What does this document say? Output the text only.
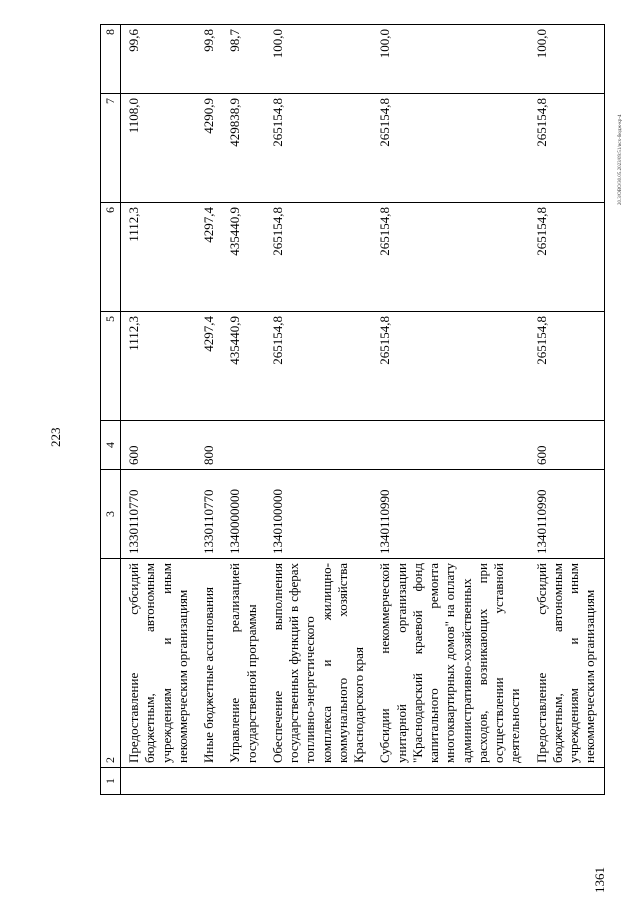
223
1	2	3	4	5	6	7	8
	Предоставление субсидий бюджетным, автономным учреждениям и иным некоммерческим организациям	1330110770	600	1112,3	1112,3	1108,0	99,6
	Иные бюджетные ассигнования	1330110770	800	4297,4	4297,4	4290,9	99,8
	Управление реализацией государственной программы	1340000000		435440,9	435440,9	429838,9	98,7
	Обеспечение выполнения государственных функций в сферах топливно-энергетического комплекса и жилищно-коммунального хозяйства Краснодарского края	1340100000		265154,8	265154,8	265154,8	100,0
	Субсидии некоммерческой унитарной организации "Краснодарский краевой фонд капитального ремонта многоквартирных домов" на оплату административно-хозяйственных расходов, возникающих при осуществлении уставной деятельности	1340110990		265154,8	265154,8	265154,8	100,0
	Предоставление субсидий бюджетным, автономным учреждениям и иным некоммерческим организациям	1340110990	600	265154,8	265154,8	265154,8	100,0
20.3/ОВО/30.05.2023/09:51/исх-бюдж-кр-4
1361
